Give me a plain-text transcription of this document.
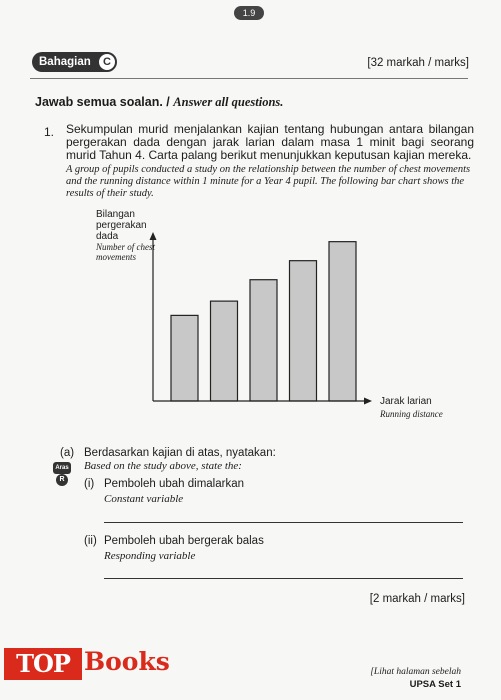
1.9
Bahagian	C	[32 markah / marks]
Jawab semua soalan. / Answer all questions.
1. Sekumpulan murid menjalankan kajian tentang hubungan antara bilangan pergerakan dada dengan jarak larian dalam masa 1 minit bagi seorang murid Tahun 4. Carta palang berikut menunjukkan keputusan kajian mereka.
A group of pupils conducted a study on the relationship between the number of chest movements and the running distance within 1 minute for a Year 4 pupil. The following bar chart shows the results of their study.
Bilangan pergerakan dada
Number of chest movements
Jarak larian
Running distance
(a) Berdasarkan kajian di atas, nyatakan:
Based on the study above, state the:
Aras
R	(i) Pemboleh ubah dimalarkan
Constant variable
(ii) Pemboleh ubah bergerak balas
Responding variable
[2 markah / marks]
TOP Books	[Lihat halaman sebelah
UPSA Set 1
